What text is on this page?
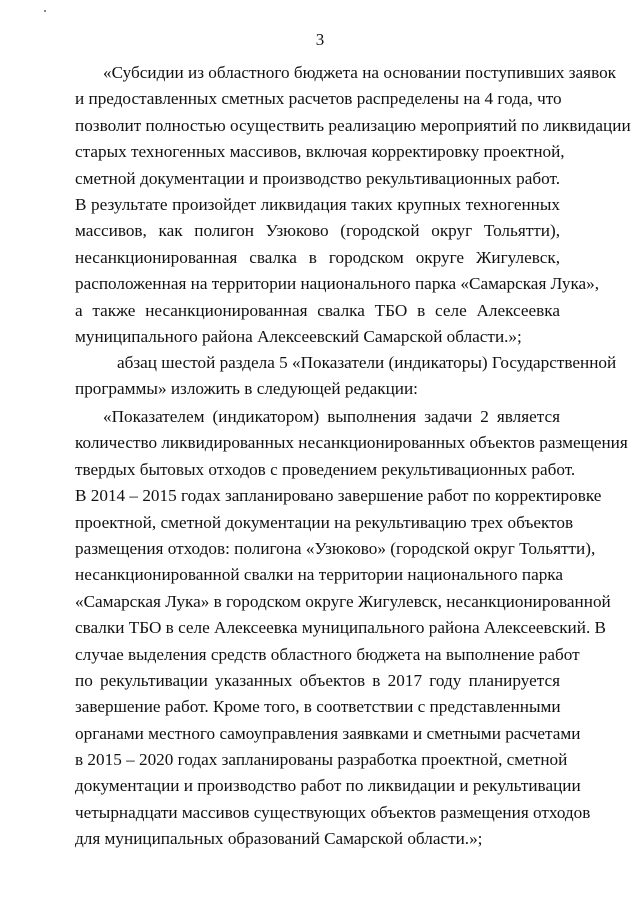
3
«Субсидии из областного бюджета на основании поступивших заявок
и предоставленных сметных расчетов распределены на 4 года, что
позволит полностью осуществить реализацию мероприятий по ликвидации
старых техногенных массивов, включая корректировку проектной,
сметной документации и производство рекультивационных работ.
В результате произойдет ликвидация таких крупных техногенных
массивов, как полигон Узюково (городской округ Тольятти),
несанкционированная свалка в городском округе Жигулевск,
расположенная на территории национального парка «Самарская Лука»,
а также несанкционированная свалка ТБО в селе Алексеевка
муниципального района Алексеевский Самарской области.»;
абзац шестой раздела 5 «Показатели (индикаторы) Государственной
программы» изложить в следующей редакции:
«Показателем (индикатором) выполнения задачи 2 является
количество ликвидированных несанкционированных объектов размещения
твердых бытовых отходов с проведением рекультивационных работ.
В 2014 – 2015 годах запланировано завершение работ по корректировке
проектной, сметной документации на рекультивацию трех объектов
размещения отходов: полигона «Узюково» (городской округ Тольятти),
несанкционированной свалки на территории национального парка
«Самарская Лука» в городском округе Жигулевск, несанкционированной
свалки ТБО в селе Алексеевка муниципального района Алексеевский. В
случае выделения средств областного бюджета на выполнение работ
по рекультивации указанных объектов в 2017 году планируется
завершение работ. Кроме того, в соответствии с представленными
органами местного самоуправления заявками и сметными расчетами
в 2015 – 2020 годах запланированы разработка проектной, сметной
документации и производство работ по ликвидации и рекультивации
четырнадцати массивов существующих объектов размещения отходов
для муниципальных образований Самарской области.»;
